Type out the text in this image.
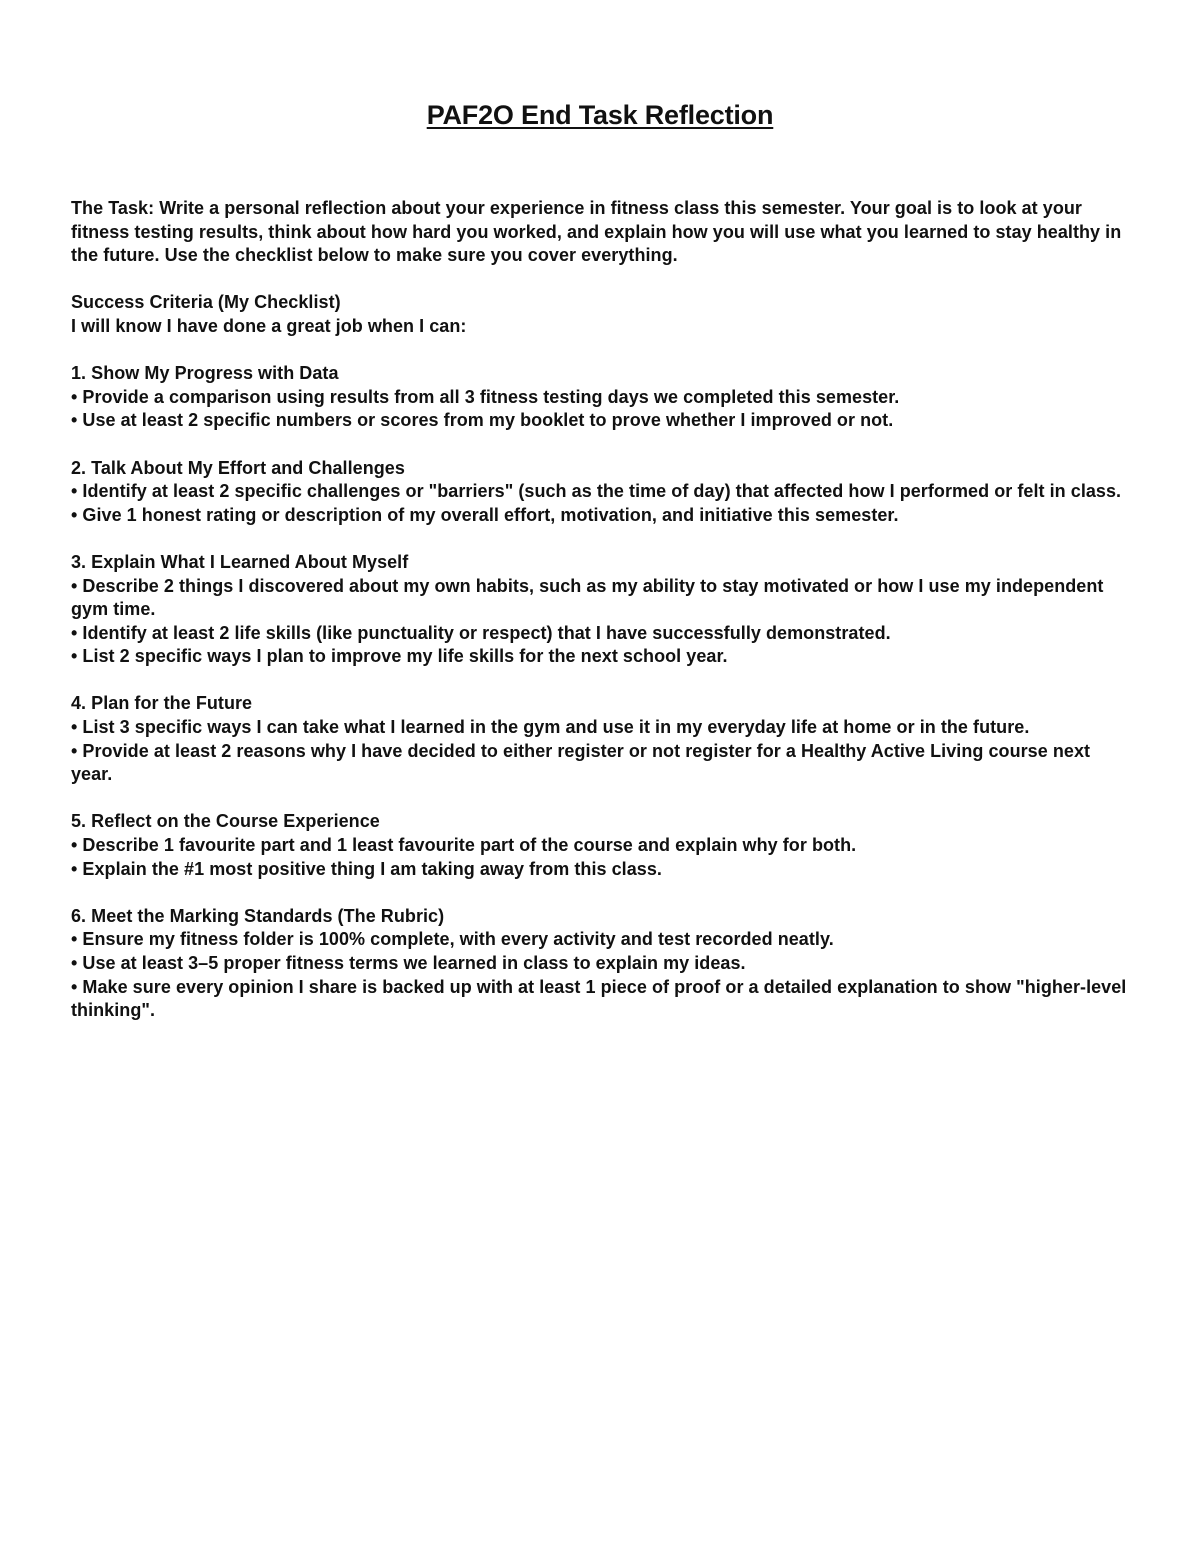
PAF2O End Task Reflection

The Task: Write a personal reflection about your experience in fitness class this semester. Your goal is to look at your fitness testing results, think about how hard you worked, and explain how you will use what you learned to stay healthy in the future. Use the checklist below to make sure you cover everything.

Success Criteria (My Checklist)
I will know I have done a great job when I can:
1. Show My Progress with Data
• Provide a comparison using results from all 3 fitness testing days we completed this semester.
• Use at least 2 specific numbers or scores from my booklet to prove whether I improved or not.
2. Talk About My Effort and Challenges
• Identify at least 2 specific challenges or "barriers" (such as the time of day) that affected how I performed or felt in class.
• Give 1 honest rating or description of my overall effort, motivation, and initiative this semester.
3. Explain What I Learned About Myself
• Describe 2 things I discovered about my own habits, such as my ability to stay motivated or how I use my independent gym time.
• Identify at least 2 life skills (like punctuality or respect) that I have successfully demonstrated.
• List 2 specific ways I plan to improve my life skills for the next school year.
4. Plan for the Future
• List 3 specific ways I can take what I learned in the gym and use it in my everyday life at home or in the future.
• Provide at least 2 reasons why I have decided to either register or not register for a Healthy Active Living course next year.
5. Reflect on the Course Experience
• Describe 1 favourite part and 1 least favourite part of the course and explain why for both.
• Explain the #1 most positive thing I am taking away from this class.
6. Meet the Marking Standards (The Rubric)
• Ensure my fitness folder is 100% complete, with every activity and test recorded neatly.
• Use at least 3–5 proper fitness terms we learned in class to explain my ideas.
• Make sure every opinion I share is backed up with at least 1 piece of proof or a detailed explanation to show "higher-level thinking".
